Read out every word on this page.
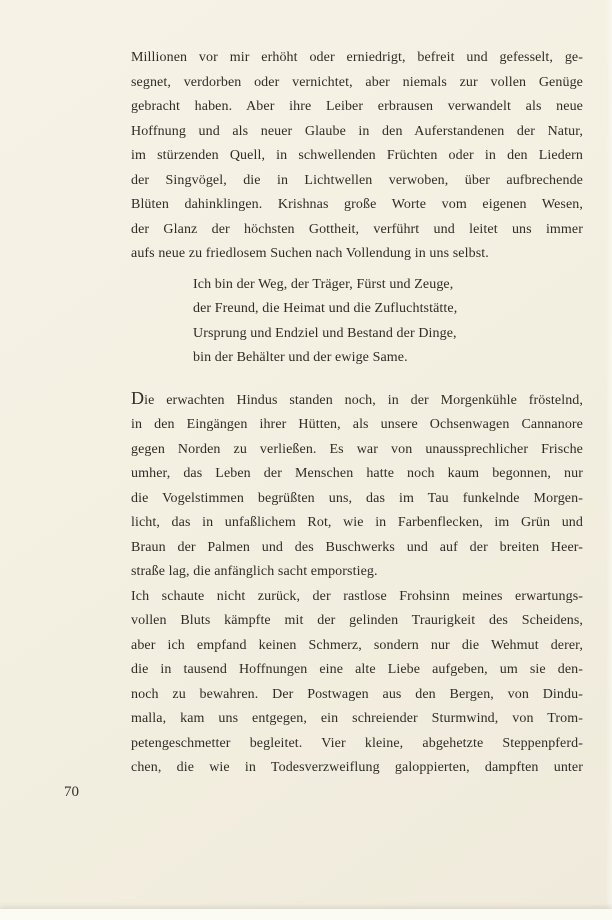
Millionen vor mir erhöht oder erniedrigt, befreit und gefesselt, ge-
segnet, verdorben oder vernichtet, aber niemals zur vollen Genüge
gebracht haben. Aber ihre Leiber erbrausen verwandelt als neue
Hoffnung und als neuer Glaube in den Auferstandenen der Natur,
im stürzenden Quell, in schwellenden Früchten oder in den Liedern
der Singvögel, die in Lichtwellen verwoben, über aufbrechende
Blüten dahinklingen. Krishnas große Worte vom eigenen Wesen,
der Glanz der höchsten Gottheit, verführt und leitet uns immer
aufs neue zu friedlosem Suchen nach Vollendung in uns selbst.
Ich bin der Weg, der Träger, Fürst und Zeuge,
der Freund, die Heimat und die Zufluchtstätte,
Ursprung und Endziel und Bestand der Dinge,
bin der Behälter und der ewige Same.
Die erwachten Hindus standen noch, in der Morgenkühle fröstelnd,
in den Eingängen ihrer Hütten, als unsere Ochsenwagen Cannanore
gegen Norden zu verließen. Es war von unaussprechlicher Frische
umher, das Leben der Menschen hatte noch kaum begonnen, nur
die Vogelstimmen begrüßten uns, das im Tau funkelnde Morgen-
licht, das in unfaßlichem Rot, wie in Farbenflecken, im Grün und
Braun der Palmen und des Buschwerks und auf der breiten Heer-
straße lag, die anfänglich sacht emporstieg.
Ich schaute nicht zurück, der rastlose Frohsinn meines erwartungs-
vollen Bluts kämpfte mit der gelinden Traurigkeit des Scheidens,
aber ich empfand keinen Schmerz, sondern nur die Wehmut derer,
die in tausend Hoffnungen eine alte Liebe aufgeben, um sie den-
noch zu bewahren. Der Postwagen aus den Bergen, von Dindu-
malla, kam uns entgegen, ein schreiender Sturmwind, von Trom-
petengeschmetter begleitet. Vier kleine, abgehetzte Steppenpferd-
chen, die wie in Todesverzweiflung galoppierten, dampften unter
70
